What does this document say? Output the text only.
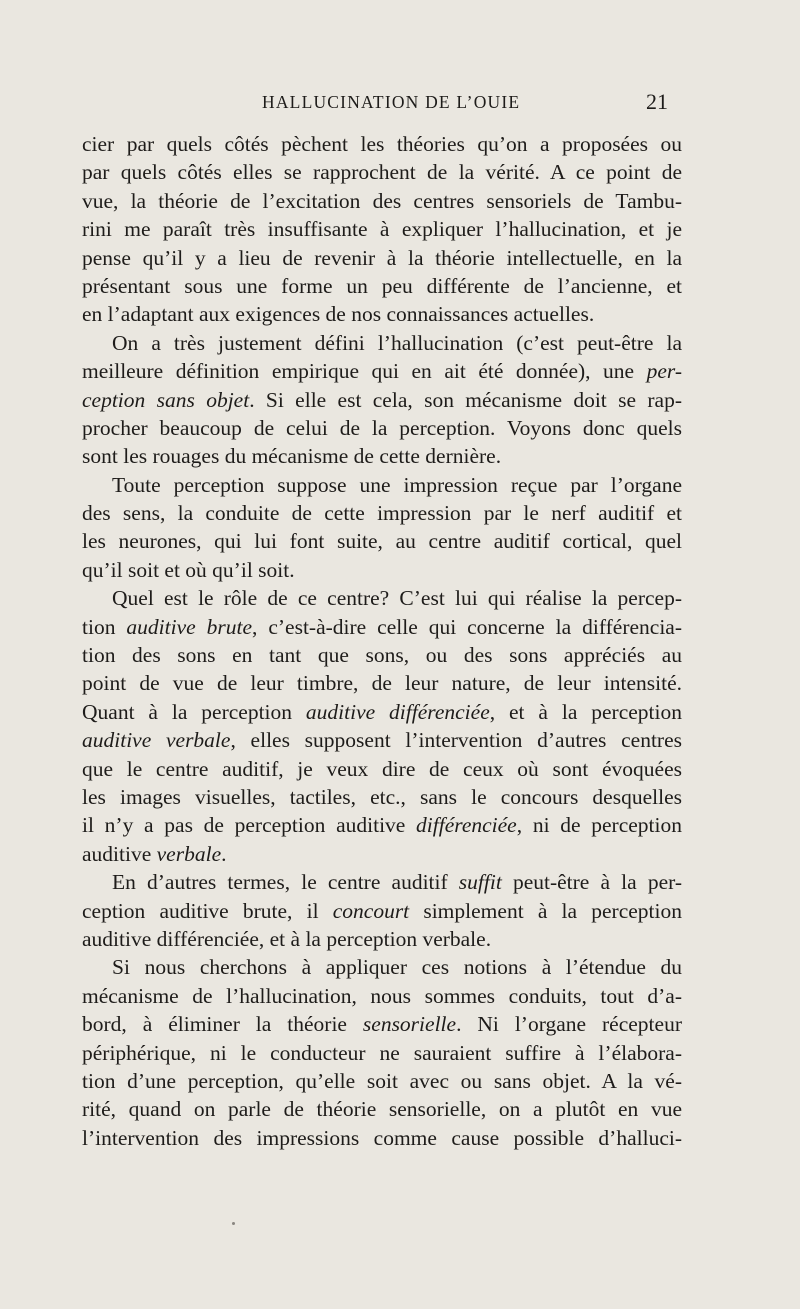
HALLUCINATION DE L’OUIE	21
cier par quels côtés pèchent les théories qu’on a proposées ou
par quels côtés elles se rapprochent de la vérité. A ce point de
vue, la théorie de l’excitation des centres sensoriels de Tambu-
rini me paraît très insuffisante à expliquer l’hallucination, et je
pense qu’il y a lieu de revenir à la théorie intellectuelle, en la
présentant sous une forme un peu différente de l’ancienne, et
en l’adaptant aux exigences de nos connaissances actuelles.
On a très justement défini l’hallucination (c’est peut-être la
meilleure définition empirique qui en ait été donnée), une per-
ception sans objet. Si elle est cela, son mécanisme doit se rap-
procher beaucoup de celui de la perception. Voyons donc quels
sont les rouages du mécanisme de cette dernière.
Toute perception suppose une impression reçue par l’organe
des sens, la conduite de cette impression par le nerf auditif et
les neurones, qui lui font suite, au centre auditif cortical, quel
qu’il soit et où qu’il soit.
Quel est le rôle de ce centre? C’est lui qui réalise la percep-
tion auditive brute, c’est-à-dire celle qui concerne la différencia-
tion des sons en tant que sons, ou des sons appréciés au
point de vue de leur timbre, de leur nature, de leur intensité.
Quant à la perception auditive différenciée, et à la perception
auditive verbale, elles supposent l’intervention d’autres centres
que le centre auditif, je veux dire de ceux où sont évoquées
les images visuelles, tactiles, etc., sans le concours desquelles
il n’y a pas de perception auditive différenciée, ni de perception
auditive verbale.
En d’autres termes, le centre auditif suffit peut-être à la per-
ception auditive brute, il concourt simplement à la perception
auditive différenciée, et à la perception verbale.
Si nous cherchons à appliquer ces notions à l’étendue du
mécanisme de l’hallucination, nous sommes conduits, tout d’a-
bord, à éliminer la théorie sensorielle. Ni l’organe récepteur
périphérique, ni le conducteur ne sauraient suffire à l’élabora-
tion d’une perception, qu’elle soit avec ou sans objet. A la vé-
rité, quand on parle de théorie sensorielle, on a plutôt en vue
l’intervention des impressions comme cause possible d’halluci-
